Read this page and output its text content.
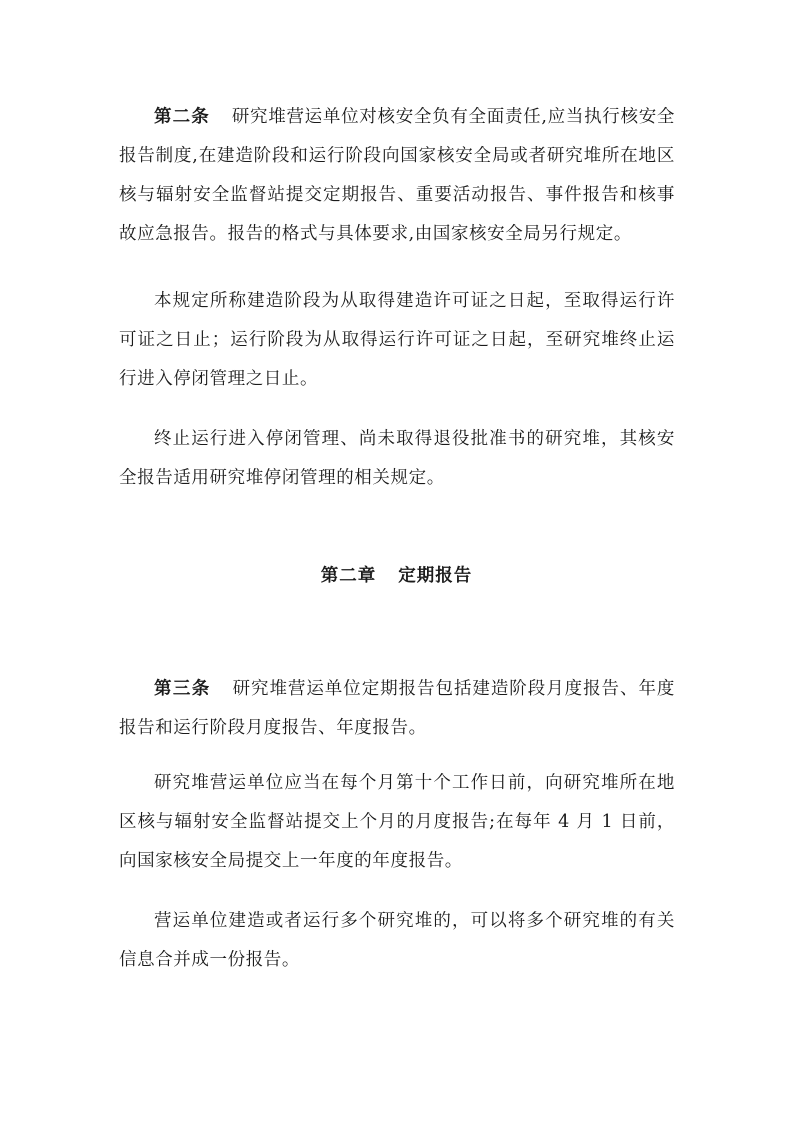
第二条 研究堆营运单位对核安全负有全面责任,应当执行核安全报告制度,在建造阶段和运行阶段向国家核安全局或者研究堆所在地区核与辐射安全监督站提交定期报告、重要活动报告、事件报告和核事故应急报告。报告的格式与具体要求,由国家核安全局另行规定。

本规定所称建造阶段为从取得建造许可证之日起，至取得运行许可证之日止；运行阶段为从取得运行许可证之日起，至研究堆终止运行进入停闭管理之日止。

终止运行进入停闭管理、尚未取得退役批准书的研究堆，其核安全报告适用研究堆停闭管理的相关规定。

第二章 定期报告

第三条 研究堆营运单位定期报告包括建造阶段月度报告、年度报告和运行阶段月度报告、年度报告。

研究堆营运单位应当在每个月第十个工作日前，向研究堆所在地区核与辐射安全监督站提交上个月的月度报告;在每年 4 月 1 日前，向国家核安全局提交上一年度的年度报告。

营运单位建造或者运行多个研究堆的，可以将多个研究堆的有关信息合并成一份报告。
